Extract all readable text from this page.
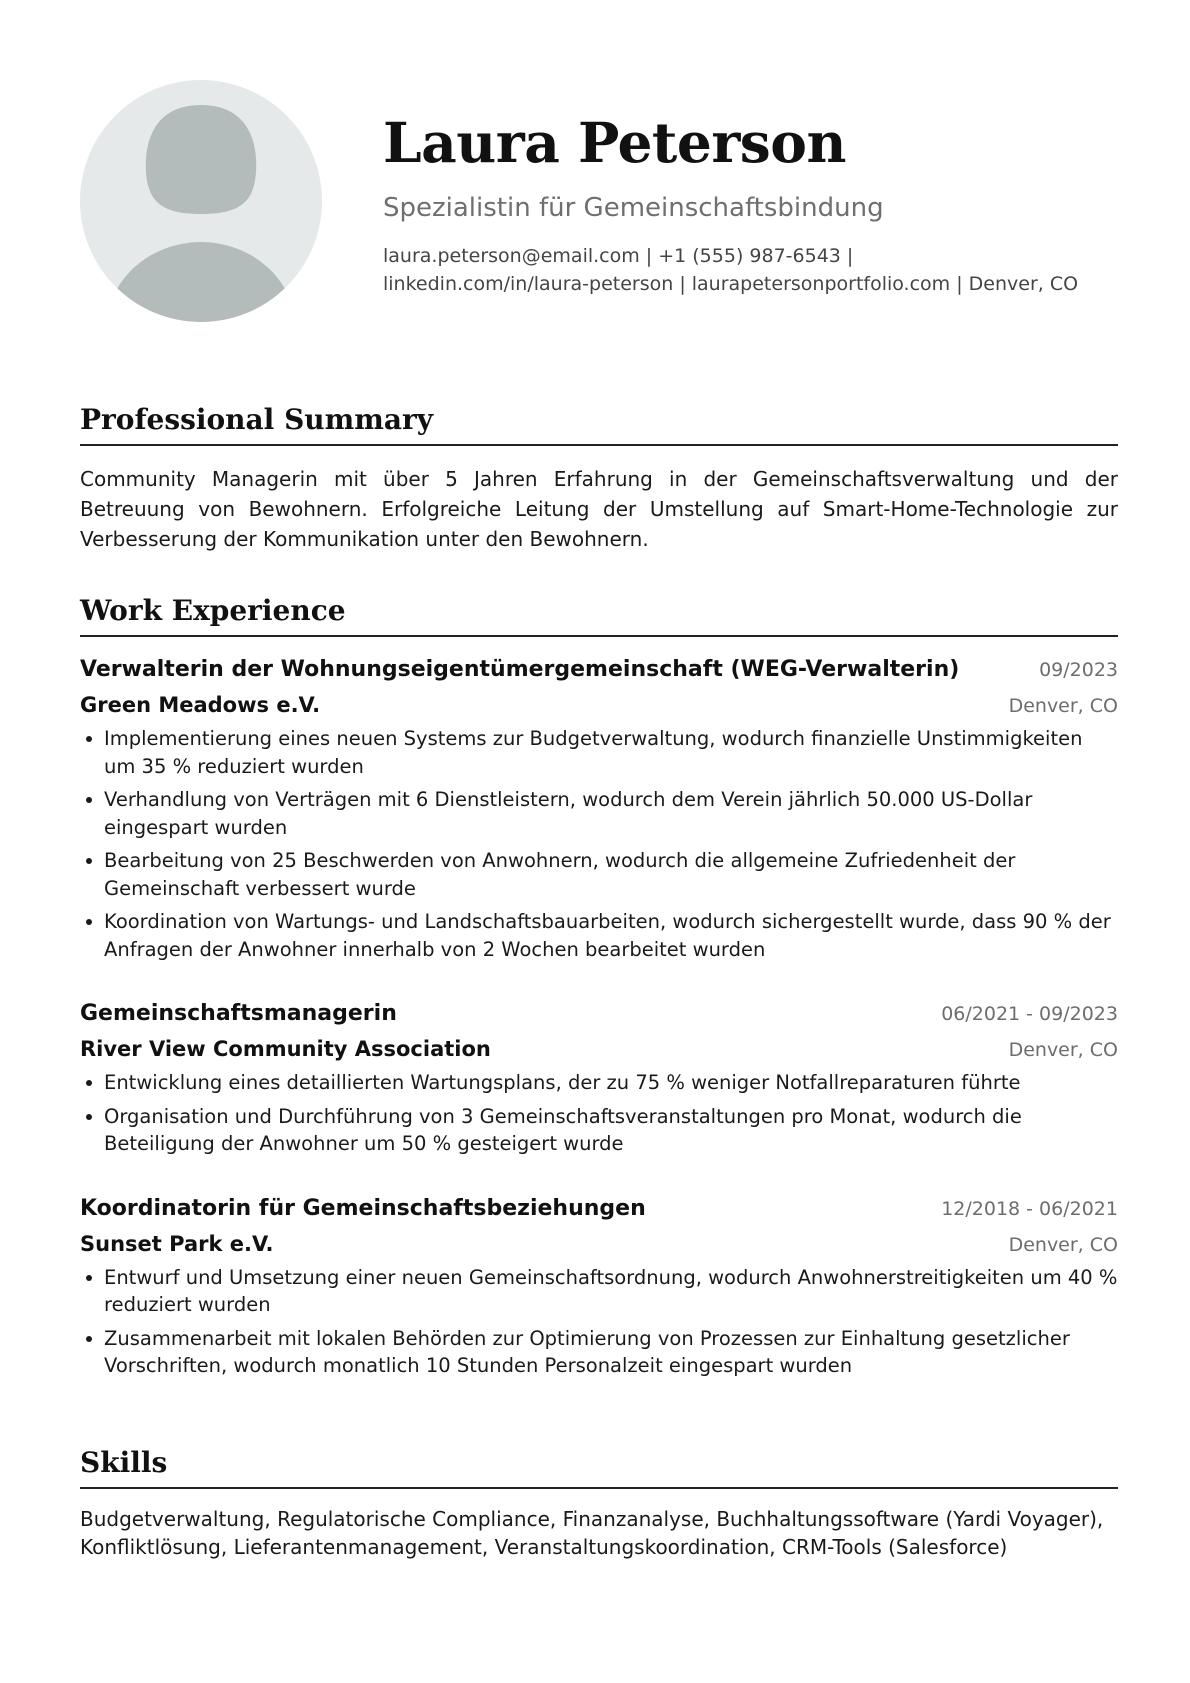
Laura Peterson
Spezialistin für Gemeinschaftsbindung
laura.peterson@email.com | +1 (555) 987-6543 |
linkedin.com/in/laura-peterson | laurapetersonportfolio.com | Denver, CO
Professional Summary
Community Managerin mit über 5 Jahren Erfahrung in der Gemeinschaftsverwaltung und der Betreuung von Bewohnern. Erfolgreiche Leitung der Umstellung auf Smart-Home-Technologie zur Verbesserung der Kommunikation unter den Bewohnern.
Work Experience
Verwalterin der Wohnungseigentümergemeinschaft (WEG-Verwalterin)	09/2023
Green Meadows e.V.	Denver, CO
Implementierung eines neuen Systems zur Budgetverwaltung, wodurch finanzielle Unstimmigkeiten um 35 % reduziert wurden
Verhandlung von Verträgen mit 6 Dienstleistern, wodurch dem Verein jährlich 50.000 US-Dollar eingespart wurden
Bearbeitung von 25 Beschwerden von Anwohnern, wodurch die allgemeine Zufriedenheit der Gemeinschaft verbessert wurde
Koordination von Wartungs- und Landschaftsbauarbeiten, wodurch sichergestellt wurde, dass 90 % der Anfragen der Anwohner innerhalb von 2 Wochen bearbeitet wurden
Gemeinschaftsmanagerin	06/2021 - 09/2023
River View Community Association	Denver, CO
Entwicklung eines detaillierten Wartungsplans, der zu 75 % weniger Notfallreparaturen führte
Organisation und Durchführung von 3 Gemeinschaftsveranstaltungen pro Monat, wodurch die Beteiligung der Anwohner um 50 % gesteigert wurde
Koordinatorin für Gemeinschaftsbeziehungen	12/2018 - 06/2021
Sunset Park e.V.	Denver, CO
Entwurf und Umsetzung einer neuen Gemeinschaftsordnung, wodurch Anwohnerstreitigkeiten um 40 % reduziert wurden
Zusammenarbeit mit lokalen Behörden zur Optimierung von Prozessen zur Einhaltung gesetzlicher Vorschriften, wodurch monatlich 10 Stunden Personalzeit eingespart wurden
Skills
Budgetverwaltung, Regulatorische Compliance, Finanzanalyse, Buchhaltungssoftware (Yardi Voyager), Konfliktlösung, Lieferantenmanagement, Veranstaltungskoordination, CRM-Tools (Salesforce)
